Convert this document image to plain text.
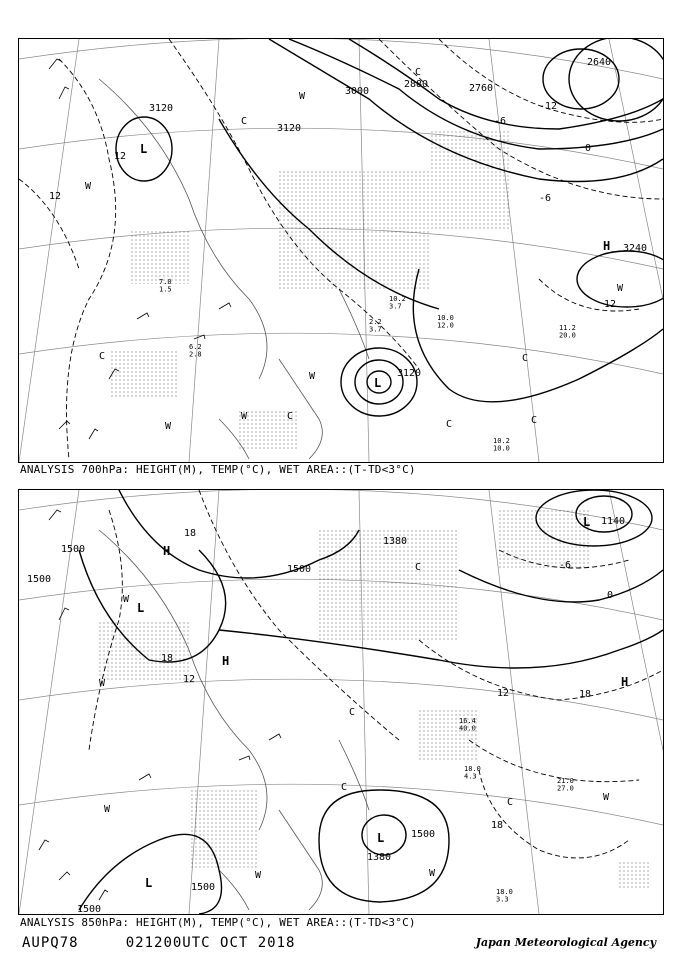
3120
3120
3120
3240
2640
2880
3000	2760
12
12
0
-6
-12
12
-6
L
L
H
C
C
W
W
W	C
C
W
C
C
C
W
W
10.2 3.7
10.0 12.0	11.2 20.0
10.2 10.0
2.2 3.7
7.0 1.5
6.2 2.8
ANALYSIS 700hPa: HEIGHT(M), TEMP(°C), WET AREA::(T-TD<3°C)
1500
1500
1500
1500
1500
1500
1380
1380
1140
18
18
12
12	18
18
0
-6
H
L
H
H
L
L
L
W
C
W
C
C
W
W	W
W
C
18.0 4.3
21.0 27.0
18.0 3.3
16.4 40.0
ANALYSIS 850hPa: HEIGHT(M), TEMP(°C), WET AREA::(T-TD<3°C)
AUPQ78	021200UTC OCT 2018	Japan Meteorological Agency
